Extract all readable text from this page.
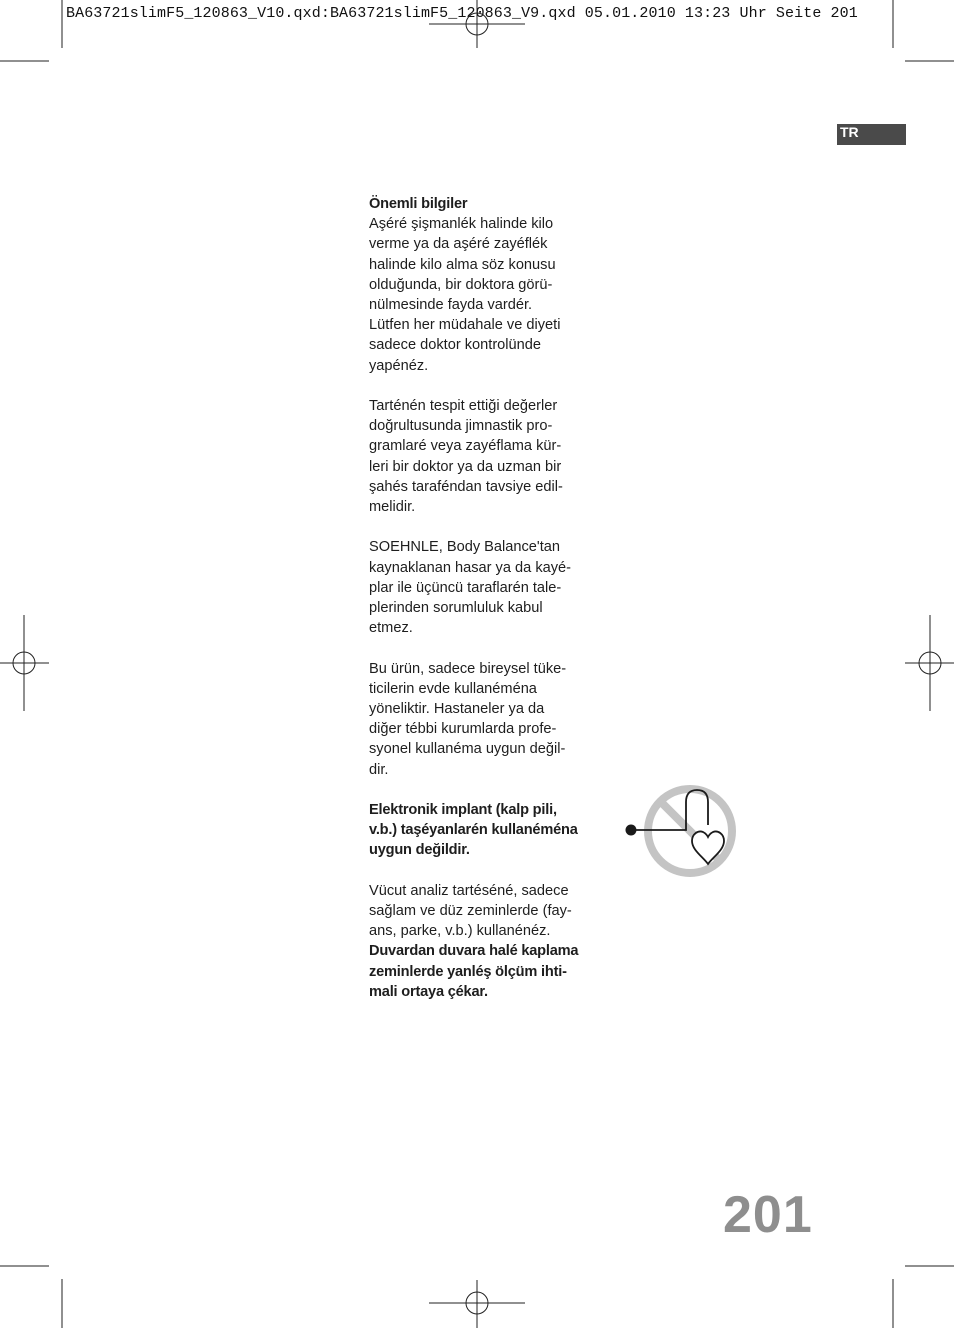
BA63721slimF5_120863_V10.qxd:BA63721slimF5_120863_V9.qxd 05.01.2010 13:23 Uhr Seite 201
TR

Önemli bilgiler

Aşéré şişmanlék halinde kilo

verme ya da aşéré zayéflék

halinde kilo alma söz konusu

olduğunda, bir doktora görü-

nülmesinde fayda vardér.

Lütfen her müdahale ve diyeti

sadece doktor kontrolünde

yapénéz.

Tarténén tespit ettiği değerler

doğrultusunda jimnastik pro-

gramlaré veya zayéflama kür-

leri bir doktor ya da uzman bir

şahés taraféndan tavsiye edil-

melidir.

SOEHNLE, Body Balance'tan

kaynaklanan hasar ya da kayé-

plar ile üçüncü taraflarén tale-

plerinden sorumluluk kabul

etmez.

Bu ürün, sadece bireysel tüke-

ticilerin evde kullanéména

yöneliktir. Hastaneler ya da

diğer tébbi kurumlarda profe-

syonel kullanéma uygun değil-

dir.

Elektronik implant (kalp pili,

v.b.) taşéyanlarén kullanéména

uygun değildir.

Vücut analiz tartéséné, sadece

sağlam ve düz zeminlerde (fay-

ans, parke, v.b.) kullanénéz.

Duvardan duvara halé kaplama

zeminlerde yanléş ölçüm ihti-

mali ortaya çékar.

201
